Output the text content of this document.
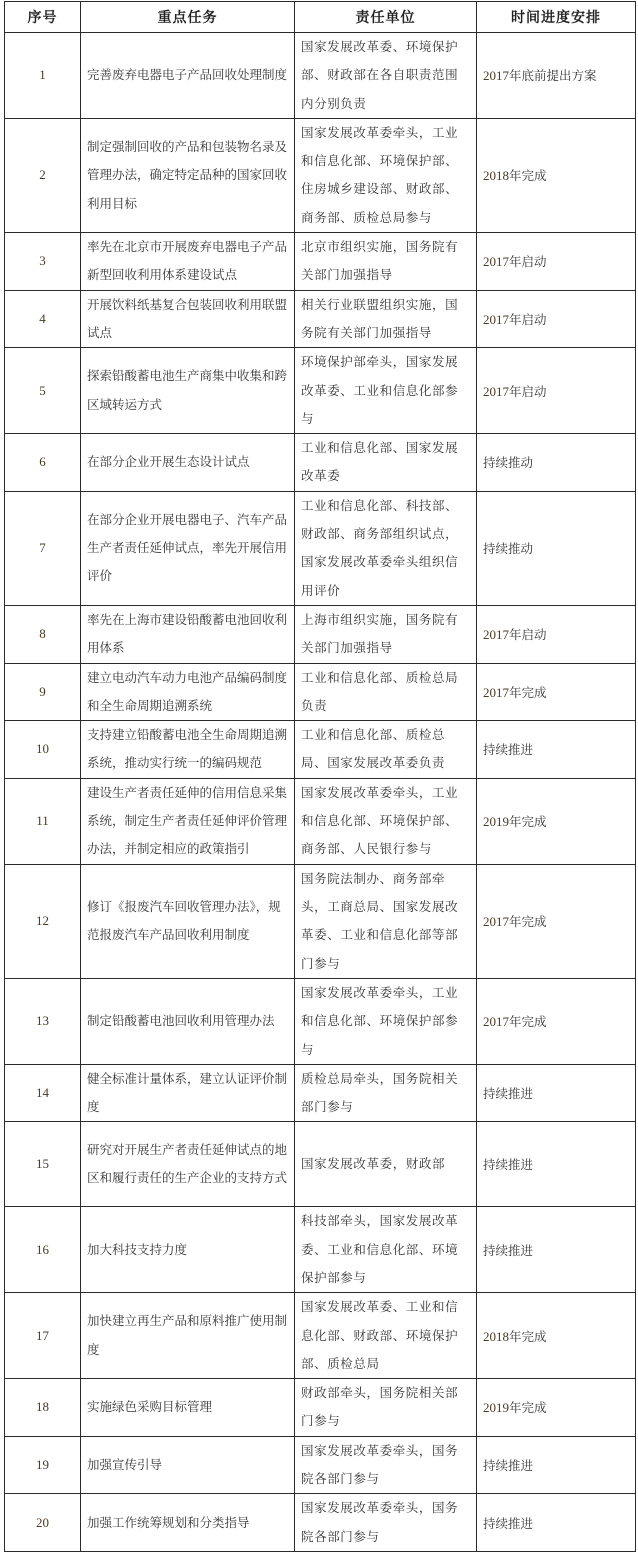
序号	重点任务	责任单位	时间进度安排
1	完善废弃电器电子产品回收处理制度	国家发展改革委、环境保护部、财政部在各自职责范围内分别负责	2017年底前提出方案
2	制定强制回收的产品和包装物名录及管理办法，确定特定品种的国家回收利用目标	国家发展改革委牵头，工业和信息化部、环境保护部、住房城乡建设部、财政部、商务部、质检总局参与	2018年完成
3	率先在北京市开展废弃电器电子产品新型回收利用体系建设试点	北京市组织实施，国务院有关部门加强指导	2017年启动
4	开展饮料纸基复合包装回收利用联盟试点	相关行业联盟组织实施，国务院有关部门加强指导	2017年启动
5	探索铅酸蓄电池生产商集中收集和跨区域转运方式	环境保护部牵头，国家发展改革委、工业和信息化部参与	2017年启动
6	在部分企业开展生态设计试点	工业和信息化部、国家发展改革委	持续推动
7	在部分企业开展电器电子、汽车产品生产者责任延伸试点，率先开展信用评价	工业和信息化部、科技部、财政部、商务部组织试点，国家发展改革委牵头组织信用评价	持续推动
8	率先在上海市建设铅酸蓄电池回收利用体系	上海市组织实施，国务院有关部门加强指导	2017年启动
9	建立电动汽车动力电池产品编码制度和全生命周期追溯系统	工业和信息化部、质检总局负责	2017年完成
10	支持建立铅酸蓄电池全生命周期追溯系统，推动实行统一的编码规范	工业和信息化部、质检总局、国家发展改革委负责	持续推进
11	建设生产者责任延伸的信用信息采集系统，制定生产者责任延伸评价管理办法，并制定相应的政策指引	国家发展改革委牵头，工业和信息化部、环境保护部、商务部、人民银行参与	2019年完成
12	修订《报废汽车回收管理办法》，规范报废汽车产品回收利用制度	国务院法制办、商务部牵头，工商总局、国家发展改革委、工业和信息化部等部门参与	2017年完成
13	制定铅酸蓄电池回收利用管理办法	国家发展改革委牵头，工业和信息化部、环境保护部参与	2017年完成
14	健全标准计量体系，建立认证评价制度	质检总局牵头，国务院相关部门参与	持续推进
15	研究对开展生产者责任延伸试点的地区和履行责任的生产企业的支持方式	国家发展改革委，财政部	持续推进
16	加大科技支持力度	科技部牵头，国家发展改革委、工业和信息化部、环境保护部参与	持续推进
17	加快建立再生产品和原料推广使用制度	国家发展改革委、工业和信息化部、财政部、环境保护部、质检总局	2018年完成
18	实施绿色采购目标管理	财政部牵头，国务院相关部门参与	2019年完成
19	加强宣传引导	国家发展改革委牵头，国务院各部门参与	持续推进
20	加强工作统筹规划和分类指导	国家发展改革委牵头，国务院各部门参与	持续推进
